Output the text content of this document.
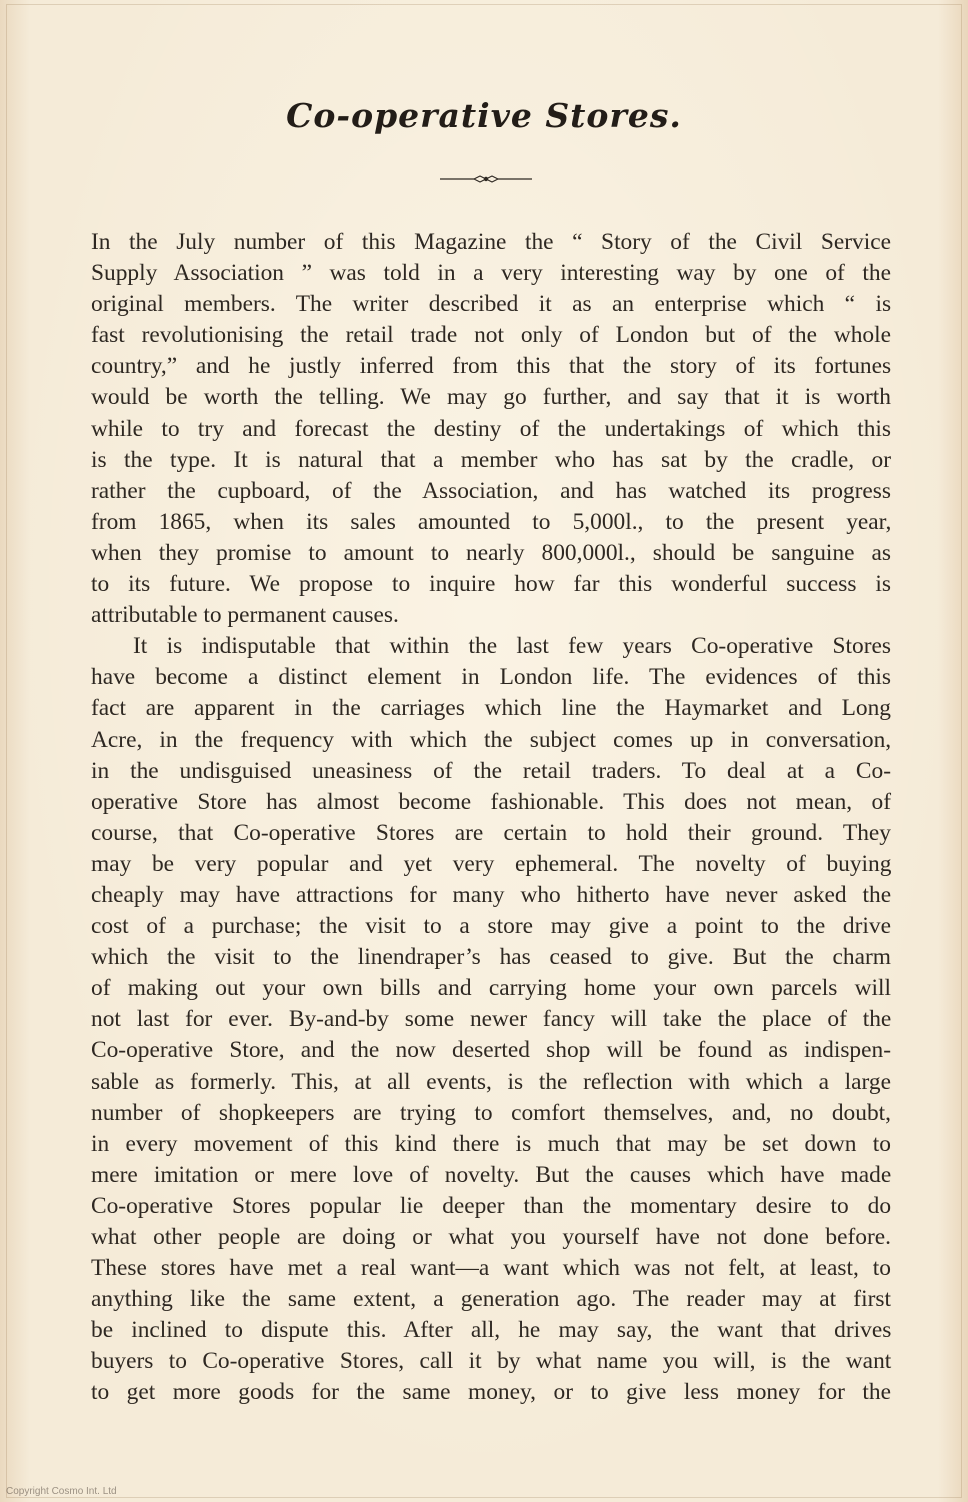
Co-operative Stores.
In the July number of this Magazine the “ Story of the Civil Service
Supply Association ” was told in a very interesting way by one of the
original members. The writer described it as an enterprise which “ is
fast revolutionising the retail trade not only of London but of the whole
country,” and he justly inferred from this that the story of its fortunes
would be worth the telling. We may go further, and say that it is worth
while to try and forecast the destiny of the undertakings of which this
is the type. It is natural that a member who has sat by the cradle, or
rather the cupboard, of the Association, and has watched its progress
from 1865, when its sales amounted to 5,000l., to the present year,
when they promise to amount to nearly 800,000l., should be sanguine as
to its future. We propose to inquire how far this wonderful success is
attributable to permanent causes.
It is indisputable that within the last few years Co-operative Stores
have become a distinct element in London life. The evidences of this
fact are apparent in the carriages which line the Haymarket and Long
Acre, in the frequency with which the subject comes up in conversation,
in the undisguised uneasiness of the retail traders. To deal at a Co-
operative Store has almost become fashionable. This does not mean, of
course, that Co-operative Stores are certain to hold their ground. They
may be very popular and yet very ephemeral. The novelty of buying
cheaply may have attractions for many who hitherto have never asked the
cost of a purchase; the visit to a store may give a point to the drive
which the visit to the linendraper’s has ceased to give. But the charm
of making out your own bills and carrying home your own parcels will
not last for ever. By-and-by some newer fancy will take the place of the
Co-operative Store, and the now deserted shop will be found as indispen-
sable as formerly. This, at all events, is the reflection with which a large
number of shopkeepers are trying to comfort themselves, and, no doubt,
in every movement of this kind there is much that may be set down to
mere imitation or mere love of novelty. But the causes which have made
Co-operative Stores popular lie deeper than the momentary desire to do
what other people are doing or what you yourself have not done before.
These stores have met a real want—a want which was not felt, at least, to
anything like the same extent, a generation ago. The reader may at first
be inclined to dispute this. After all, he may say, the want that drives
buyers to Co-operative Stores, call it by what name you will, is the want
to get more goods for the same money, or to give less money for the
Copyright Cosmo Int. Ltd
